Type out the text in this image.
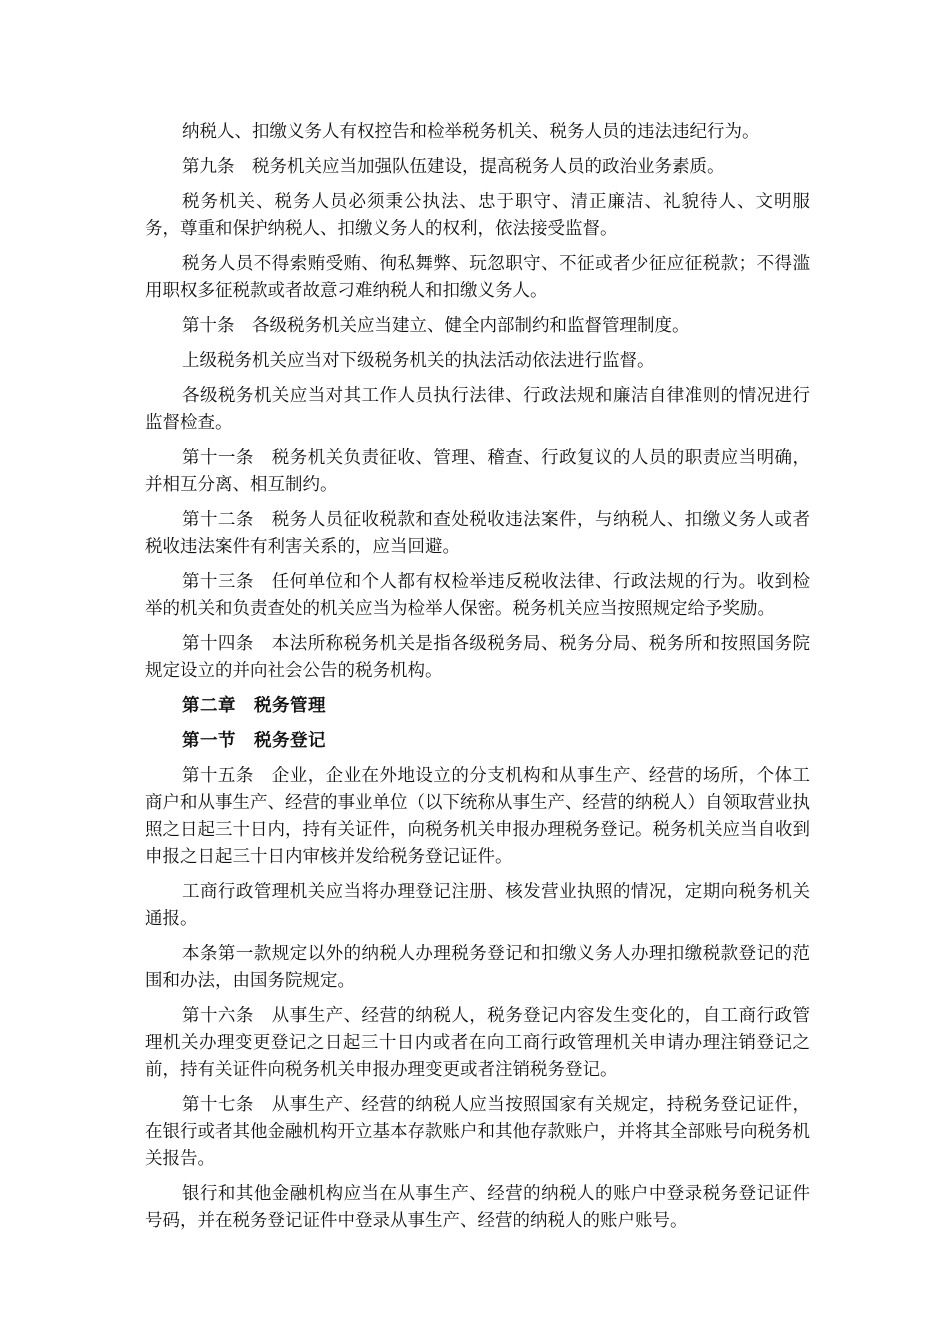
纳税人、扣缴义务人有权控告和检举税务机关、税务人员的违法违纪行为。

第九条　税务机关应当加强队伍建设，提高税务人员的政治业务素质。

税务机关、税务人员必须秉公执法、忠于职守、清正廉洁、礼貌待人、文明服务，尊重和保护纳税人、扣缴义务人的权利，依法接受监督。

税务人员不得索贿受贿、徇私舞弊、玩忽职守、不征或者少征应征税款；不得滥用职权多征税款或者故意刁难纳税人和扣缴义务人。

第十条　各级税务机关应当建立、健全内部制约和监督管理制度。

上级税务机关应当对下级税务机关的执法活动依法进行监督。

各级税务机关应当对其工作人员执行法律、行政法规和廉洁自律准则的情况进行监督检查。

第十一条　税务机关负责征收、管理、稽查、行政复议的人员的职责应当明确，并相互分离、相互制约。

第十二条　税务人员征收税款和查处税收违法案件，与纳税人、扣缴义务人或者税收违法案件有利害关系的，应当回避。

第十三条　任何单位和个人都有权检举违反税收法律、行政法规的行为。收到检举的机关和负责查处的机关应当为检举人保密。税务机关应当按照规定给予奖励。

第十四条　本法所称税务机关是指各级税务局、税务分局、税务所和按照国务院规定设立的并向社会公告的税务机构。

第二章　税务管理

第一节　税务登记

第十五条　企业，企业在外地设立的分支机构和从事生产、经营的场所，个体工商户和从事生产、经营的事业单位（以下统称从事生产、经营的纳税人）自领取营业执照之日起三十日内，持有关证件，向税务机关申报办理税务登记。税务机关应当自收到申报之日起三十日内审核并发给税务登记证件。

工商行政管理机关应当将办理登记注册、核发营业执照的情况，定期向税务机关通报。

本条第一款规定以外的纳税人办理税务登记和扣缴义务人办理扣缴税款登记的范围和办法，由国务院规定。

第十六条　从事生产、经营的纳税人，税务登记内容发生变化的，自工商行政管理机关办理变更登记之日起三十日内或者在向工商行政管理机关申请办理注销登记之前，持有关证件向税务机关申报办理变更或者注销税务登记。

第十七条　从事生产、经营的纳税人应当按照国家有关规定，持税务登记证件，在银行或者其他金融机构开立基本存款账户和其他存款账户，并将其全部账号向税务机关报告。

银行和其他金融机构应当在从事生产、经营的纳税人的账户中登录税务登记证件号码，并在税务登记证件中登录从事生产、经营的纳税人的账户账号。
